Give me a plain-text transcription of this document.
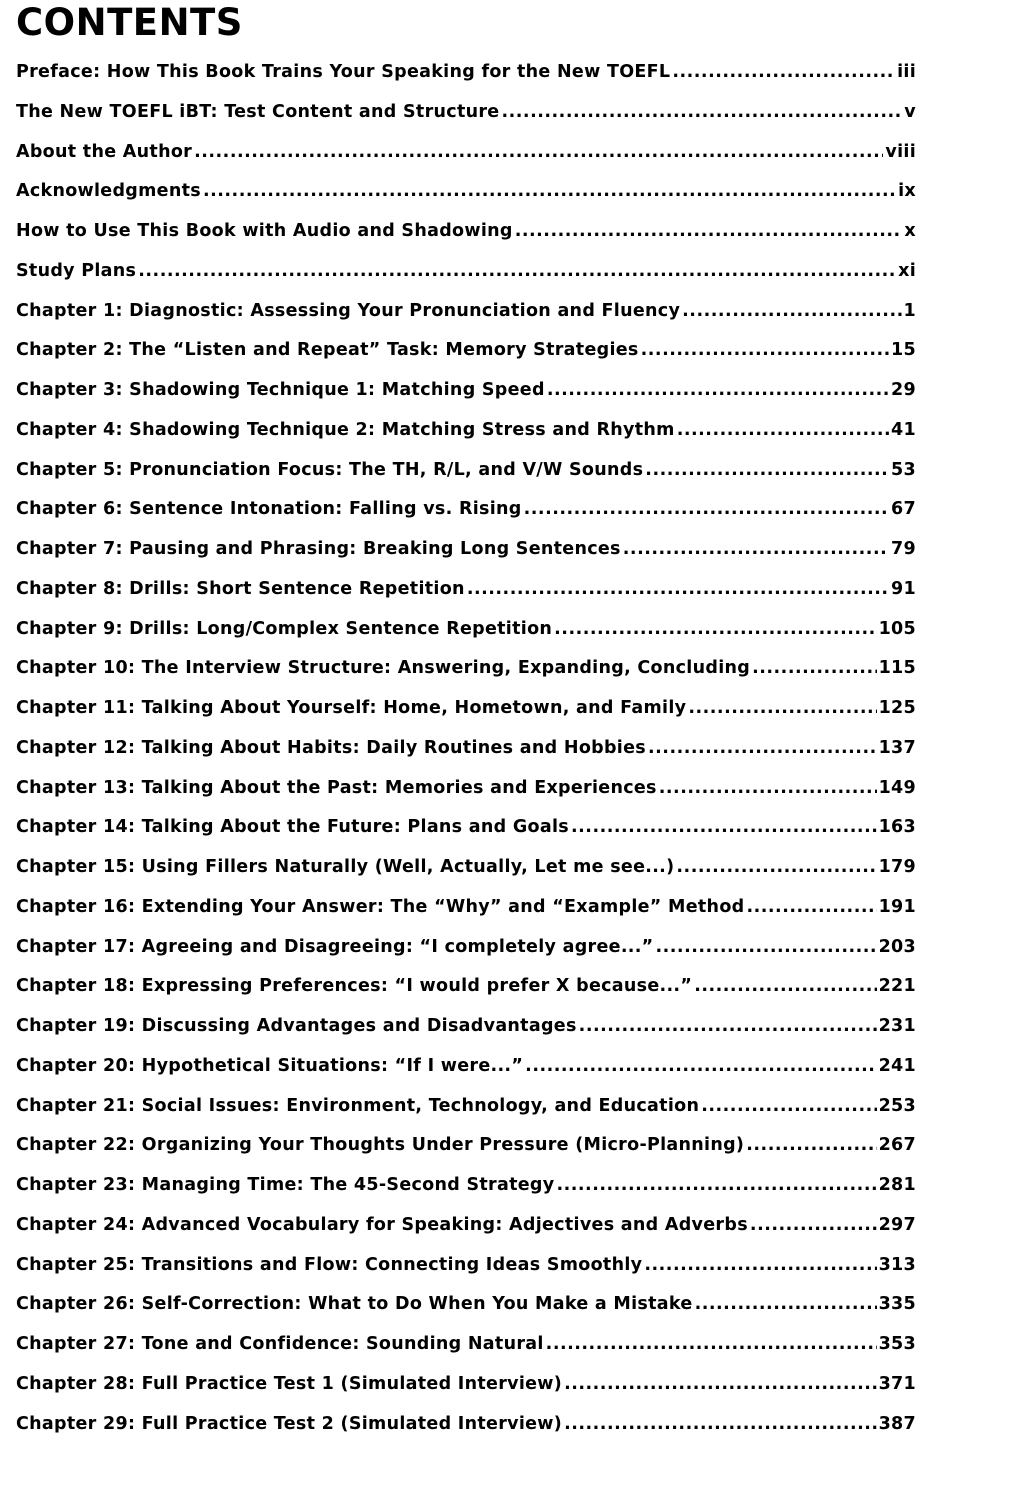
CONTENTS
Preface: How This Book Trains Your Speaking for the New TOEFL .....	iii
The New TOEFL iBT: Test Content and Structure .....	v
About the Author .....	viii
Acknowledgments .....	ix
How to Use This Book with Audio and Shadowing .....	x
Study Plans .....	xi
Chapter 1: Diagnostic: Assessing Your Pronunciation and Fluency .....	1
Chapter 2: The “Listen and Repeat” Task: Memory Strategies .....	15
Chapter 3: Shadowing Technique 1: Matching Speed .....	29
Chapter 4: Shadowing Technique 2: Matching Stress and Rhythm .....	41
Chapter 5: Pronunciation Focus: The TH, R/L, and V/W Sounds .....	53
Chapter 6: Sentence Intonation: Falling vs. Rising .....	67
Chapter 7: Pausing and Phrasing: Breaking Long Sentences .....	79
Chapter 8: Drills: Short Sentence Repetition .....	91
Chapter 9: Drills: Long/Complex Sentence Repetition .....	105
Chapter 10: The Interview Structure: Answering, Expanding, Concluding .....	115
Chapter 11: Talking About Yourself: Home, Hometown, and Family .....	125
Chapter 12: Talking About Habits: Daily Routines and Hobbies .....	137
Chapter 13: Talking About the Past: Memories and Experiences .....	149
Chapter 14: Talking About the Future: Plans and Goals .....	163
Chapter 15: Using Fillers Naturally (Well, Actually, Let me see...) .....	179
Chapter 16: Extending Your Answer: The “Why” and “Example” Method .....	191
Chapter 17: Agreeing and Disagreeing: “I completely agree...” .....	203
Chapter 18: Expressing Preferences: “I would prefer X because...” .....	221
Chapter 19: Discussing Advantages and Disadvantages .....	231
Chapter 20: Hypothetical Situations: “If I were...” .....	241
Chapter 21: Social Issues: Environment, Technology, and Education .....	253
Chapter 22: Organizing Your Thoughts Under Pressure (Micro-Planning) .....	267
Chapter 23: Managing Time: The 45-Second Strategy .....	281
Chapter 24: Advanced Vocabulary for Speaking: Adjectives and Adverbs .....	297
Chapter 25: Transitions and Flow: Connecting Ideas Smoothly .....	313
Chapter 26: Self-Correction: What to Do When You Make a Mistake .....	335
Chapter 27: Tone and Confidence: Sounding Natural .....	353
Chapter 28: Full Practice Test 1 (Simulated Interview) .....	371
Chapter 29: Full Practice Test 2 (Simulated Interview) .....	387
